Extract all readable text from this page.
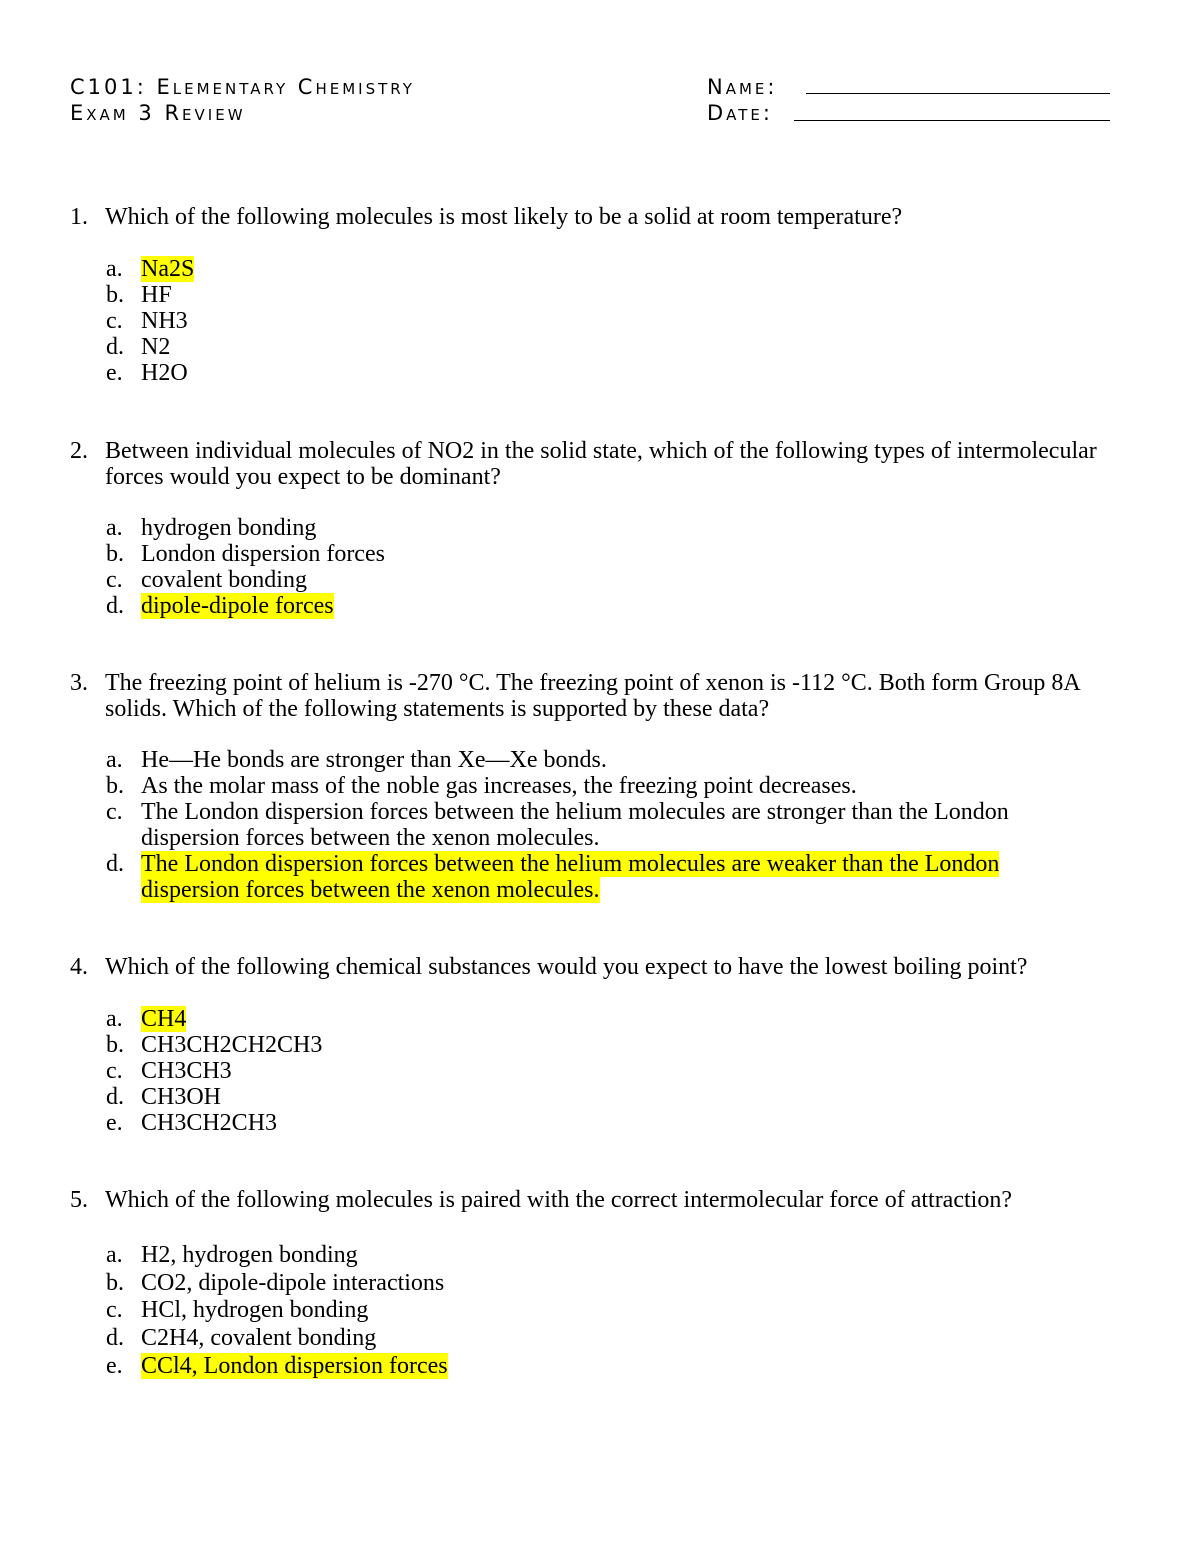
C101: Elementary Chemistry
Exam 3 Review
Name:
Date:
1. Which of the following molecules is most likely to be a solid at room temperature?
a. Na2S
b. HF
c. NH3
d. N2
e. H2O
2. Between individual molecules of NO2 in the solid state, which of the following types of intermolecular forces would you expect to be dominant?
a. hydrogen bonding
b. London dispersion forces
c. covalent bonding
d. dipole-dipole forces
3. The freezing point of helium is -270 °C. The freezing point of xenon is -112 °C. Both form Group 8A solids. Which of the following statements is supported by these data?
a. He—He bonds are stronger than Xe—Xe bonds.
b. As the molar mass of the noble gas increases, the freezing point decreases.
c. The London dispersion forces between the helium molecules are stronger than the London dispersion forces between the xenon molecules.
d. The London dispersion forces between the helium molecules are weaker than the London dispersion forces between the xenon molecules.
4. Which of the following chemical substances would you expect to have the lowest boiling point?
a. CH4
b. CH3CH2CH2CH3
c. CH3CH3
d. CH3OH
e. CH3CH2CH3
5. Which of the following molecules is paired with the correct intermolecular force of attraction?
a. H2, hydrogen bonding
b. CO2, dipole-dipole interactions
c. HCl, hydrogen bonding
d. C2H4, covalent bonding
e. CCl4, London dispersion forces
